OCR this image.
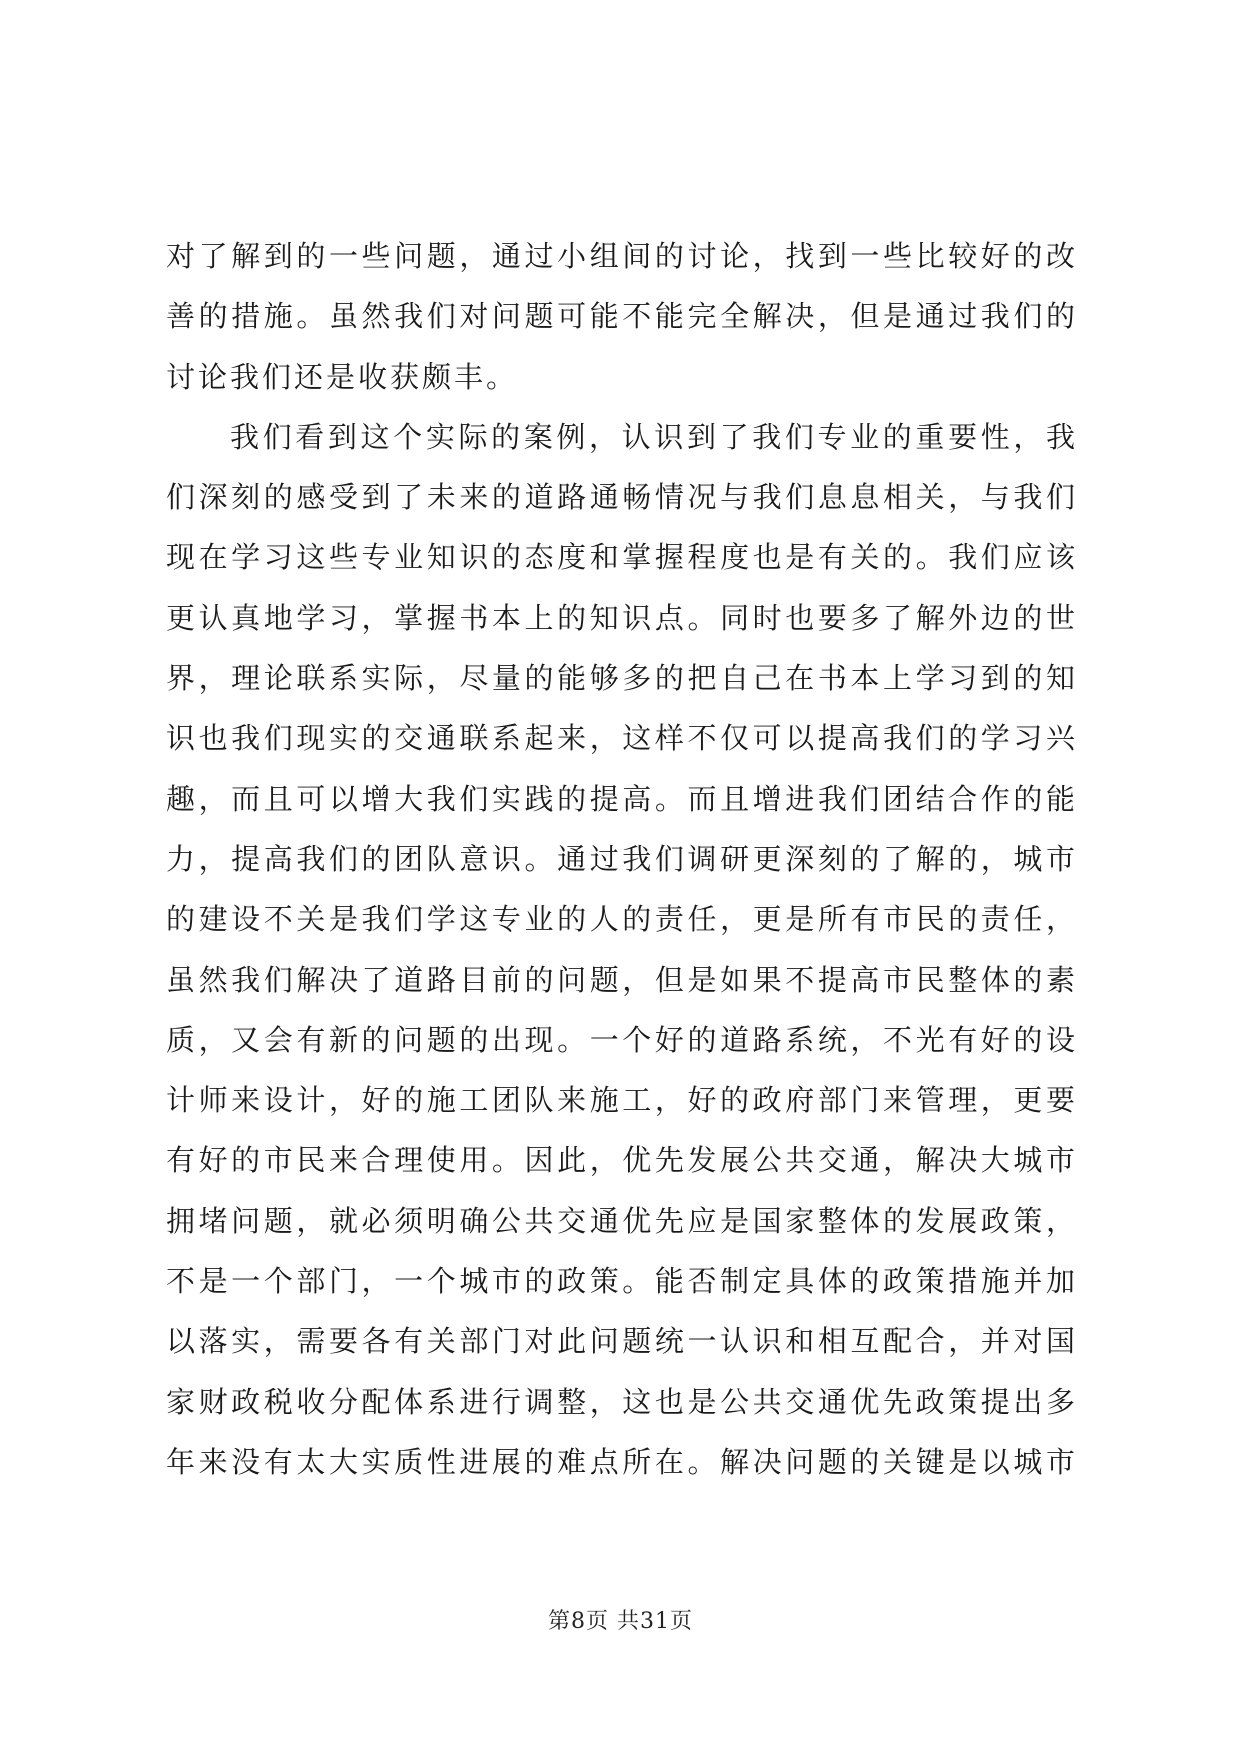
对了解到的一些问题，通过小组间的讨论，找到一些比较好的改
善的措施。虽然我们对问题可能不能完全解决，但是通过我们的
讨论我们还是收获颇丰。
我们看到这个实际的案例，认识到了我们专业的重要性，我
们深刻的感受到了未来的道路通畅情况与我们息息相关，与我们
现在学习这些专业知识的态度和掌握程度也是有关的。我们应该
更认真地学习，掌握书本上的知识点。同时也要多了解外边的世
界，理论联系实际，尽量的能够多的把自己在书本上学习到的知
识也我们现实的交通联系起来，这样不仅可以提高我们的学习兴
趣，而且可以增大我们实践的提高。而且增进我们团结合作的能
力，提高我们的团队意识。通过我们调研更深刻的了解的，城市
的建设不关是我们学这专业的人的责任，更是所有市民的责任，
虽然我们解决了道路目前的问题，但是如果不提高市民整体的素
质，又会有新的问题的出现。一个好的道路系统，不光有好的设
计师来设计，好的施工团队来施工，好的政府部门来管理，更要
有好的市民来合理使用。因此，优先发展公共交通，解决大城市
拥堵问题，就必须明确公共交通优先应是国家整体的发展政策，
不是一个部门，一个城市的政策。能否制定具体的政策措施并加
以落实，需要各有关部门对此问题统一认识和相互配合，并对国
家财政税收分配体系进行调整，这也是公共交通优先政策提出多
年来没有太大实质性进展的难点所在。解决问题的关键是以城市
第8页 共31页
